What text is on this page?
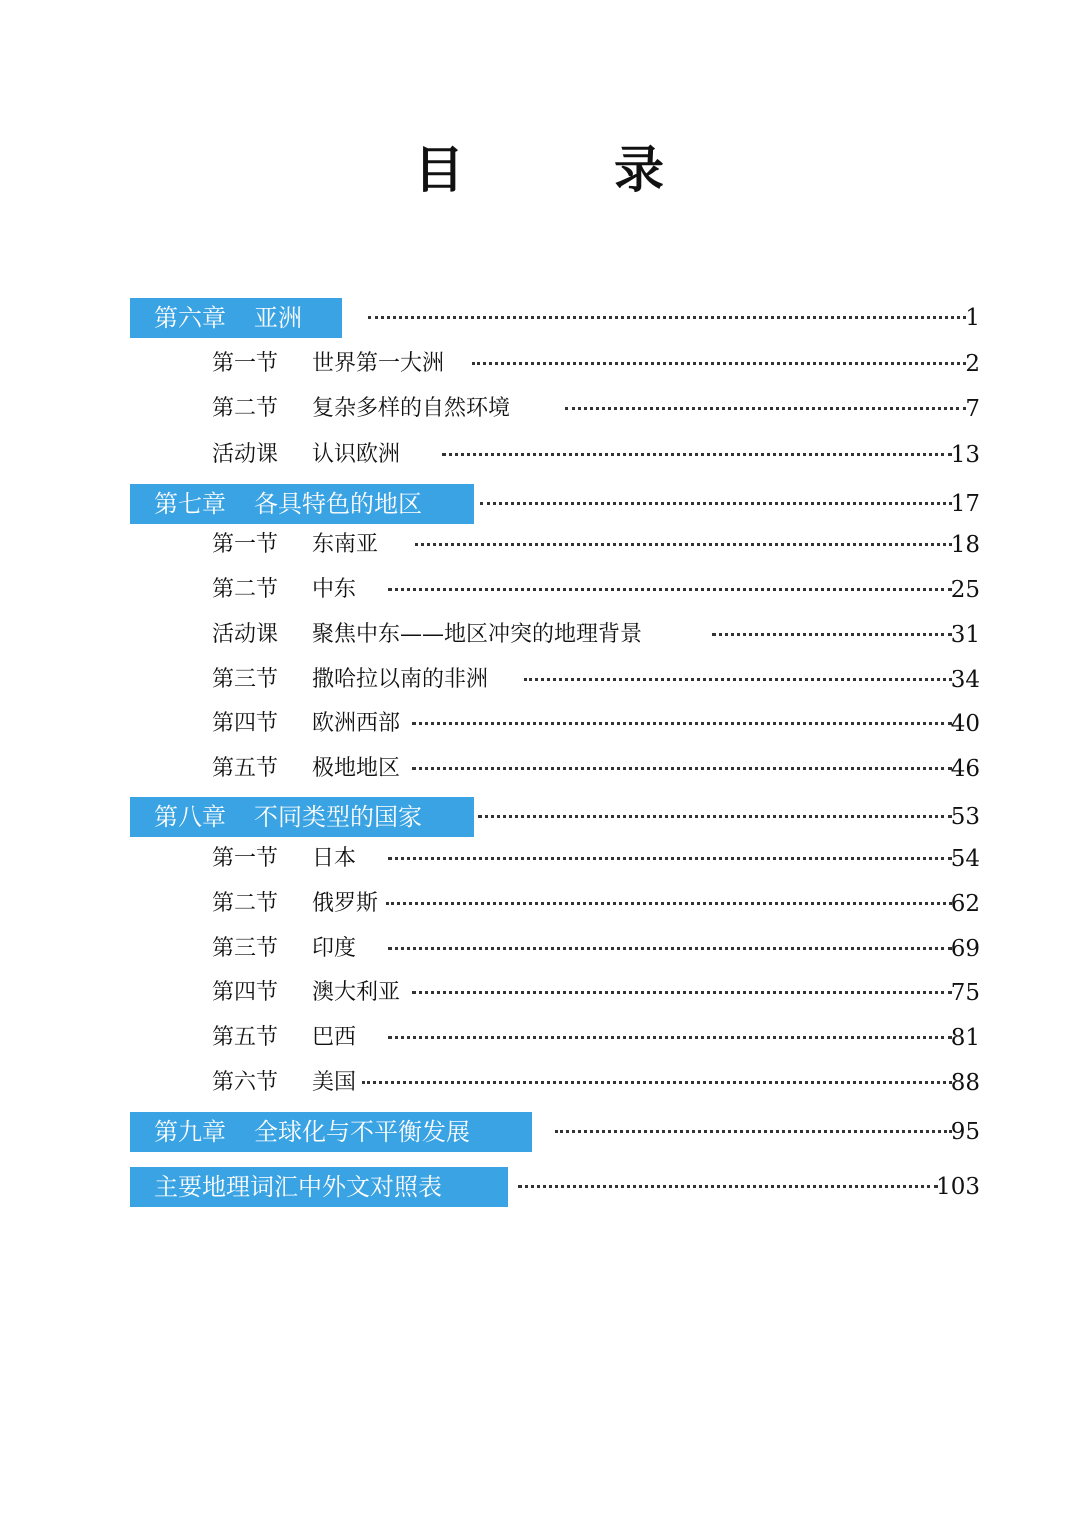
目　录
第六章 亚洲	1
第一节 世界第一大洲	2
第二节 复杂多样的自然环境	7
活动课 认识欧洲	13
第七章 各具特色的地区	17
第一节 东南亚	18
第二节 中东	25
活动课 聚焦中东——地区冲突的地理背景	31
第三节 撒哈拉以南的非洲	34
第四节 欧洲西部	40
第五节 极地地区	46
第八章 不同类型的国家	53
第一节 日本	54
第二节 俄罗斯	62
第三节 印度	69
第四节 澳大利亚	75
第五节 巴西	81
第六节 美国	88
第九章 全球化与不平衡发展	95
主要地理词汇中外文对照表	103
